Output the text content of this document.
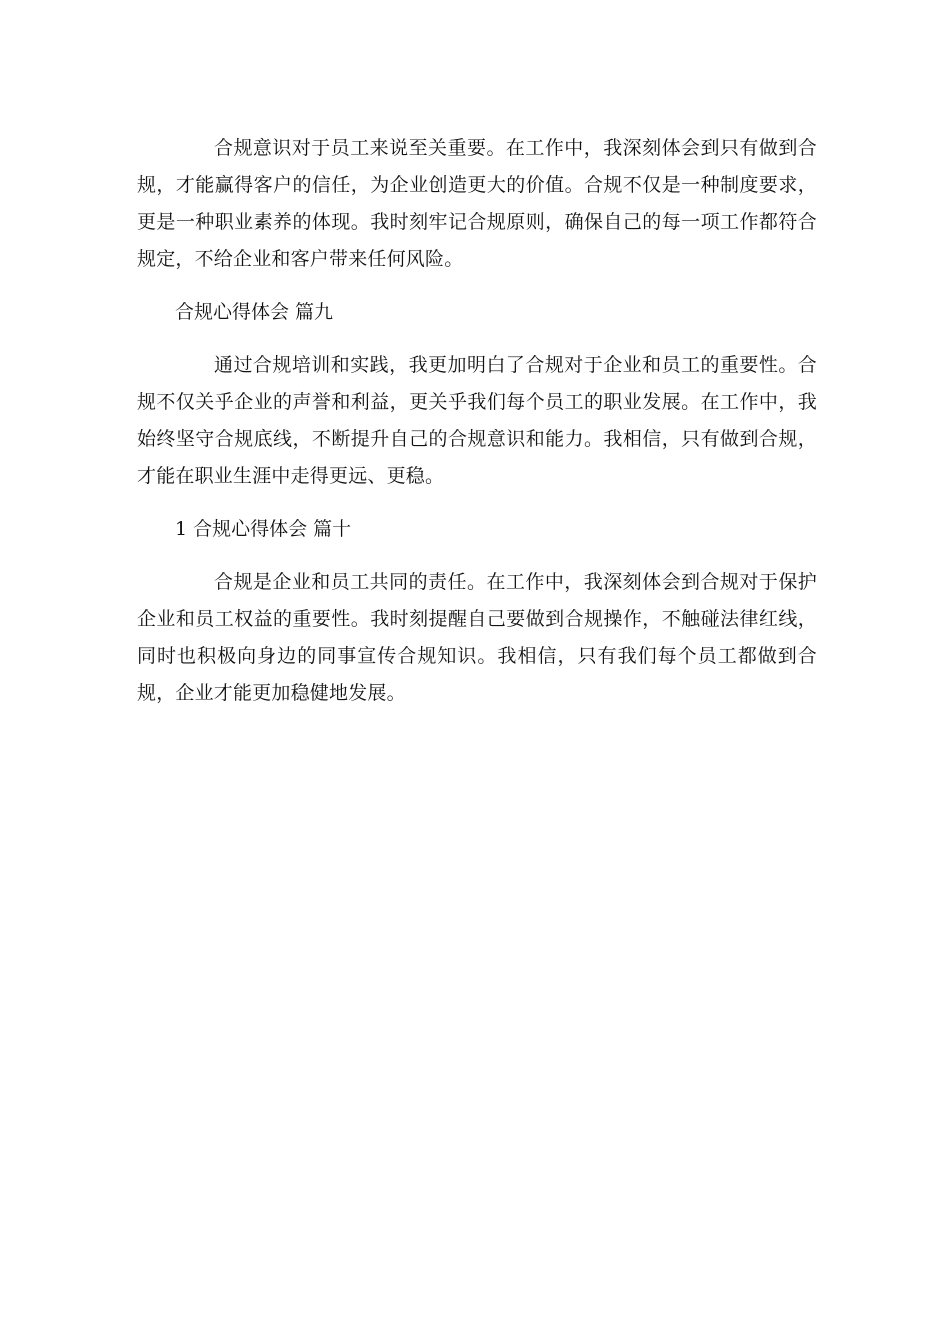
合规意识对于员工来说至关重要。在工作中，我深刻体会到只有做到合规，才能赢得客户的信任，为企业创造更大的价值。合规不仅是一种制度要求，更是一种职业素养的体现。我时刻牢记合规原则，确保自己的每一项工作都符合规定，不给企业和客户带来任何风险。

合规心得体会 篇九

通过合规培训和实践，我更加明白了合规对于企业和员工的重要性。合规不仅关乎企业的声誉和利益，更关乎我们每个员工的职业发展。在工作中，我始终坚守合规底线，不断提升自己的合规意识和能力。我相信，只有做到合规，才能在职业生涯中走得更远、更稳。

1 合规心得体会 篇十

合规是企业和员工共同的责任。在工作中，我深刻体会到合规对于保护企业和员工权益的重要性。我时刻提醒自己要做到合规操作，不触碰法律红线，同时也积极向身边的同事宣传合规知识。我相信，只有我们每个员工都做到合规，企业才能更加稳健地发展。
